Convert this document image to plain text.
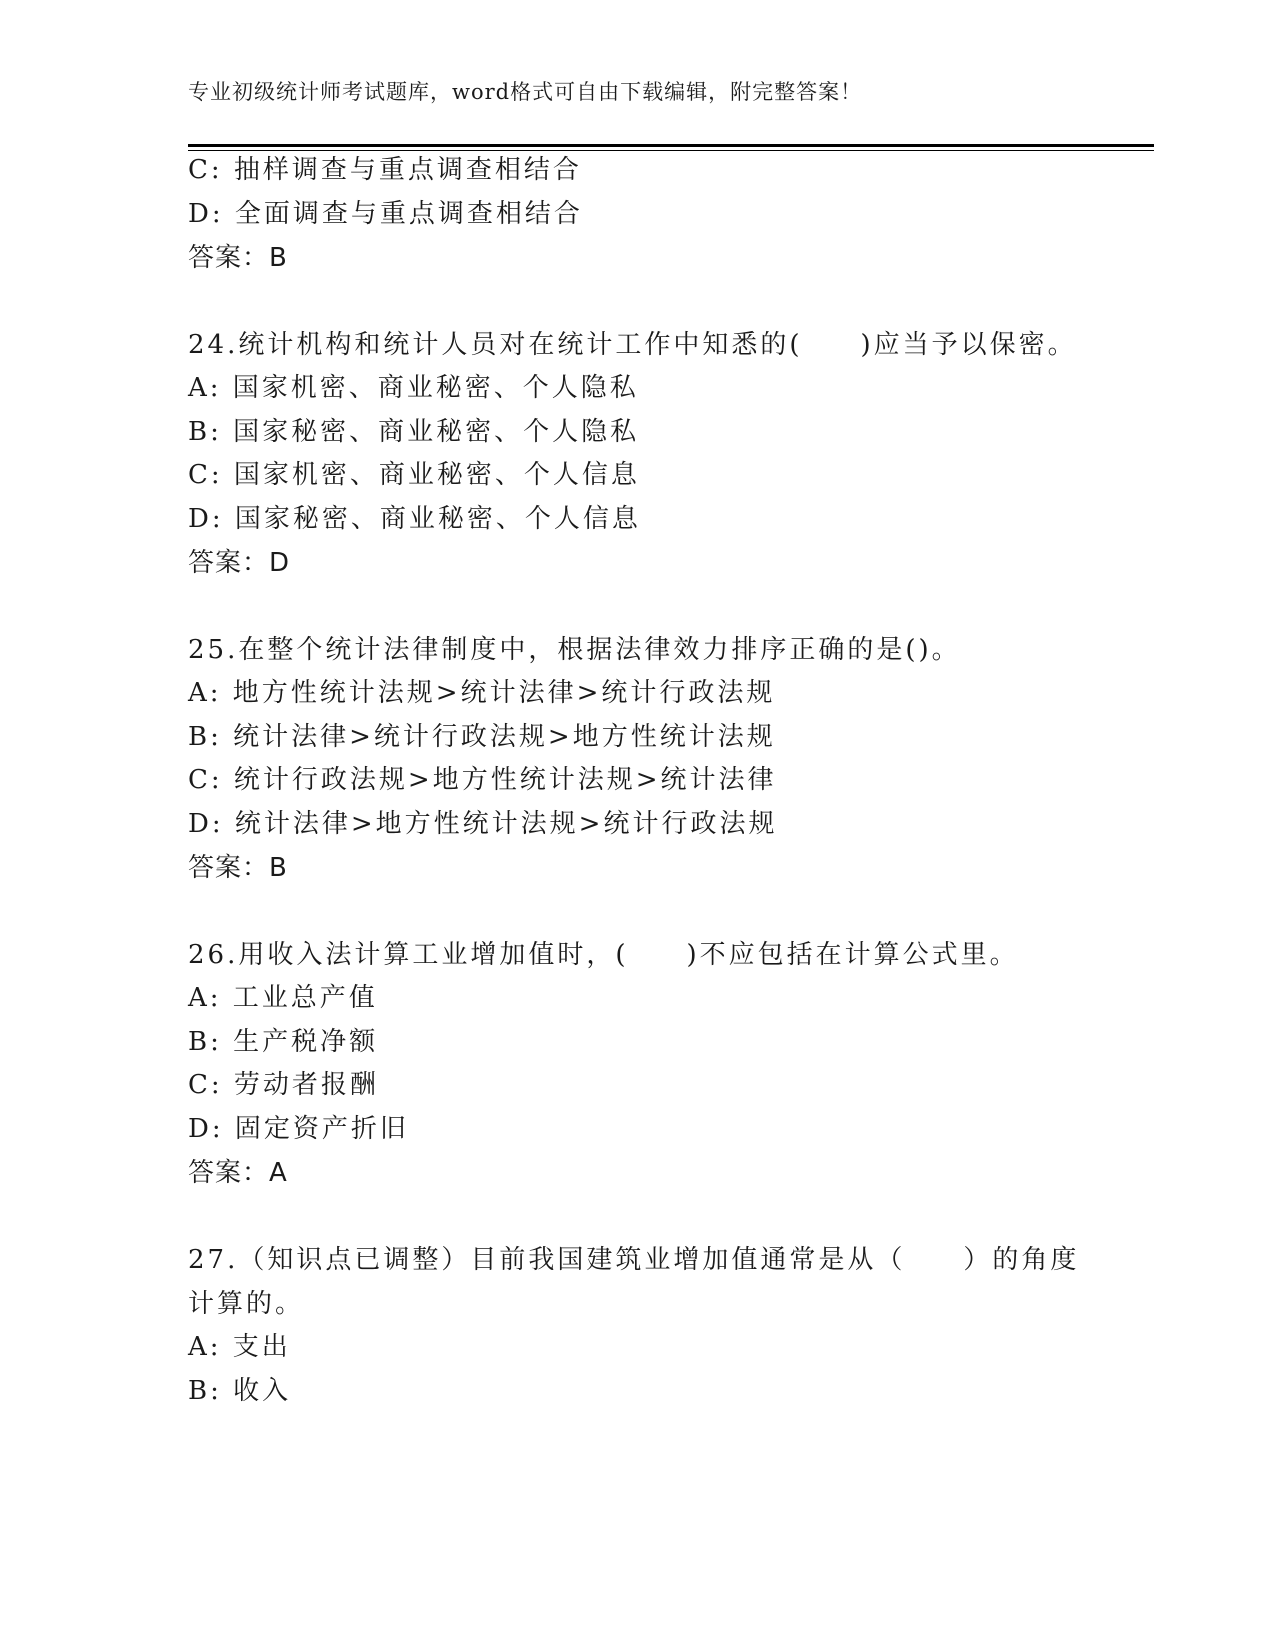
专业初级统计师考试题库，word格式可自由下载编辑，附完整答案！
C: 抽样调查与重点调查相结合
D: 全面调查与重点调查相结合
答案：B
24.统计机构和统计人员对在统计工作中知悉的(　　)应当予以保密。
A: 国家机密、商业秘密、个人隐私
B: 国家秘密、商业秘密、个人隐私
C: 国家机密、商业秘密、个人信息
D: 国家秘密、商业秘密、个人信息
答案：D
25.在整个统计法律制度中，根据法律效力排序正确的是()。
A: 地方性统计法规>统计法律>统计行政法规
B: 统计法律>统计行政法规>地方性统计法规
C: 统计行政法规>地方性统计法规>统计法律
D: 统计法律>地方性统计法规>统计行政法规
答案：B
26.用收入法计算工业增加值时，(　　)不应包括在计算公式里。
A: 工业总产值
B: 生产税净额
C: 劳动者报酬
D: 固定资产折旧
答案：A
27.（知识点已调整）目前我国建筑业增加值通常是从（　　）的角度
计算的。
A: 支出
B: 收入
